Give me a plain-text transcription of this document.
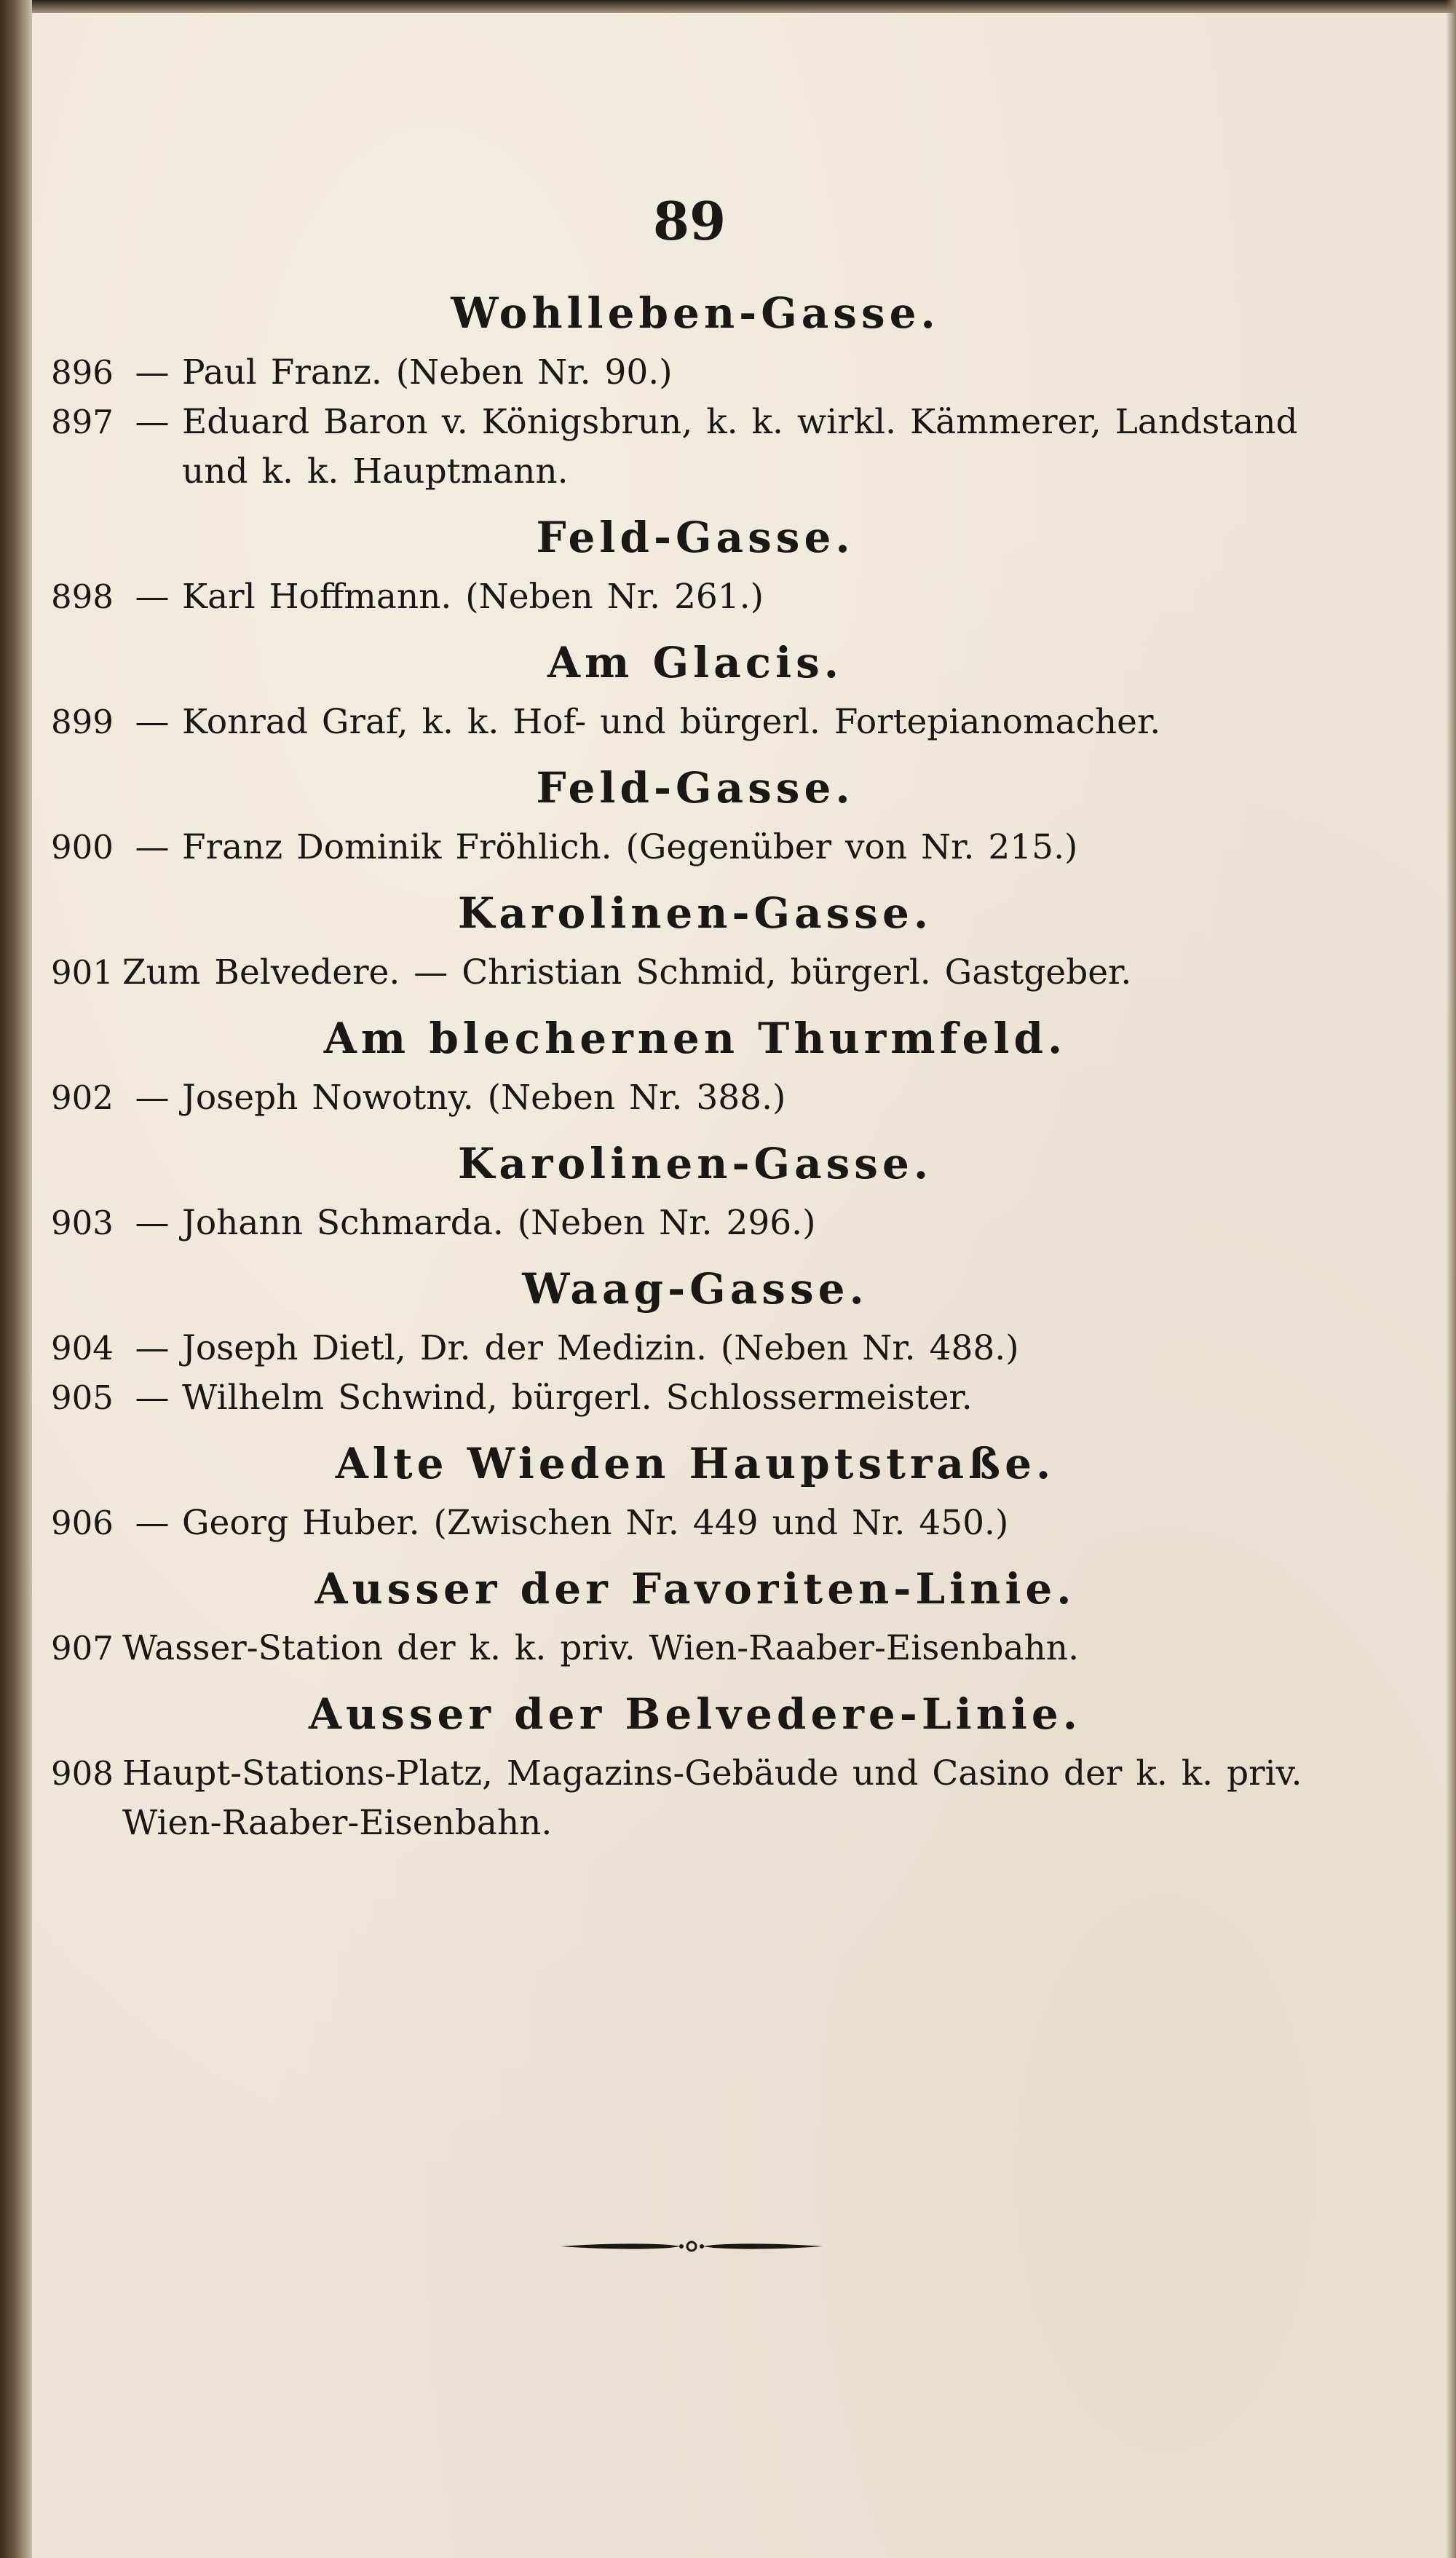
89
Wohlleben-Gasse.
896 — Paul Franz. (Neben Nr. 90.)
897 — Eduard Baron v. Königsbrun, k. k. wirkl. Kämmerer, Landstand und k. k. Hauptmann.
Feld-Gasse.
898 — Karl Hoffmann. (Neben Nr. 261.)
Am Glacis.
899 — Konrad Graf, k. k. Hof- und bürgerl. Fortepianomacher.
Feld-Gasse.
900 — Franz Dominik Fröhlich. (Gegenüber von Nr. 215.)
Karolinen-Gasse.
901 Zum Belvedere. — Christian Schmid, bürgerl. Gastgeber.
Am blechernen Thurmfeld.
902 — Joseph Nowotny. (Neben Nr. 388.)
Karolinen-Gasse.
903 — Johann Schmarda. (Neben Nr. 296.)
Waag-Gasse.
904 — Joseph Dietl, Dr. der Medizin. (Neben Nr. 488.)
905 — Wilhelm Schwind, bürgerl. Schlossermeister.
Alte Wieden Hauptstraße.
906 — Georg Huber. (Zwischen Nr. 449 und Nr. 450.)
Ausser der Favoriten-Linie.
907 Wasser-Station der k. k. priv. Wien-Raaber-Eisenbahn.
Ausser der Belvedere-Linie.
908 Haupt-Stations-Platz, Magazins-Gebäude und Casino der k. k. priv. Wien-Raaber-Eisenbahn.
